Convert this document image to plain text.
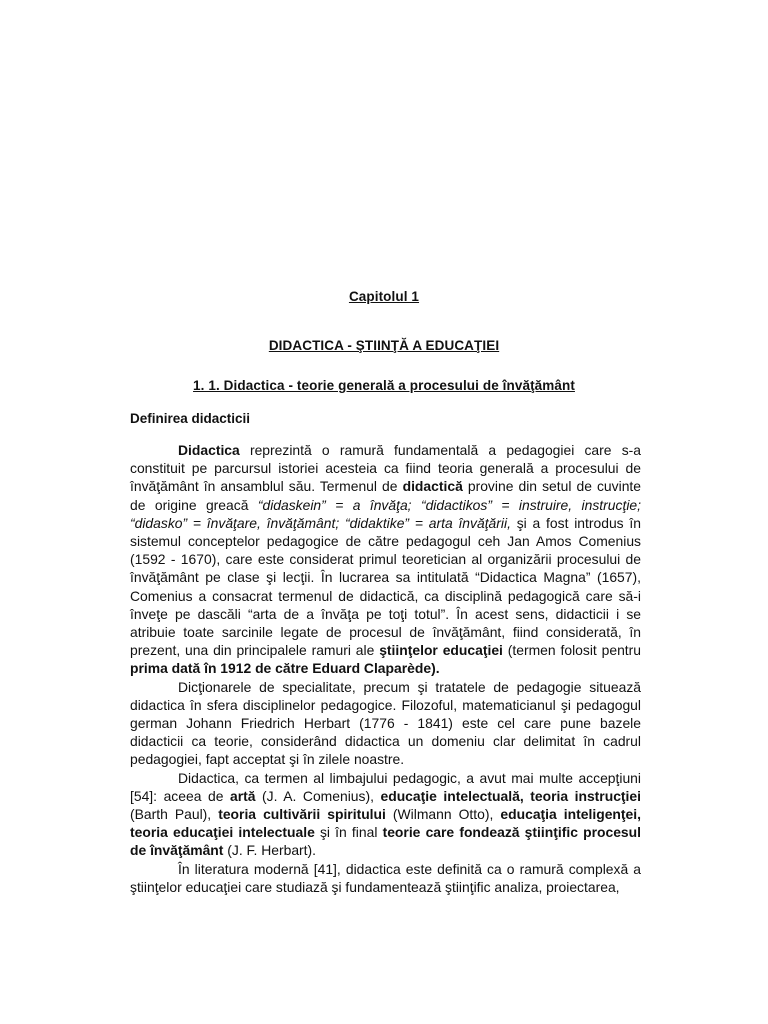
Capitolul 1
DIDACTICA - ŞTIINŢĂ A EDUCAŢIEI
1. 1. Didactica - teorie generală a procesului de învăţământ
Definirea didacticii

Didactica reprezintă o ramură fundamentală a pedagogiei care s-a constituit pe parcursul istoriei acesteia ca fiind teoria generală a procesului de învăţământ în ansamblul său. Termenul de didactică provine din setul de cuvinte de origine greacă “didaskein” = a învăţa; “didactikos” = instruire, instrucţie; “didasko” = învăţare, învăţământ; “didaktike” = arta învăţării, şi a fost introdus în sistemul conceptelor pedagogice de către pedagogul ceh Jan Amos Comenius (1592 - 1670), care este considerat primul teoretician al organizării procesului de învăţământ pe clase şi lecţii. În lucrarea sa intitulată “Didactica Magna” (1657), Comenius a consacrat termenul de didactică, ca disciplină pedagogică care să-i înveţe pe dascăli “arta de a învăţa pe toţi totul”. În acest sens, didacticii i se atribuie toate sarcinile legate de procesul de învăţământ, fiind considerată, în prezent, una din principalele ramuri ale ştiinţelor educaţiei (termen folosit pentru prima dată în 1912 de către Eduard Claparède).

Dicţionarele de specialitate, precum şi tratatele de pedagogie situează didactica în sfera disciplinelor pedagogice. Filozoful, matematicianul şi pedagogul german Johann Friedrich Herbart (1776 - 1841) este cel care pune bazele didacticii ca teorie, considerând didactica un domeniu clar delimitat în cadrul pedagogiei, fapt acceptat şi în zilele noastre.

Didactica, ca termen al limbajului pedagogic, a avut mai multe accepţiuni [54]: aceea de artă (J. A. Comenius), educaţie intelectuală, teoria instrucţiei (Barth Paul), teoria cultivării spiritului (Wilmann Otto), educaţia inteligenţei, teoria educaţiei intelectuale şi în final teorie care fondează ştiinţific procesul de învăţământ (J. F. Herbart).

În literatura modernă [41], didactica este definită ca o ramură complexă a ştiinţelor educaţiei care studiază şi fundamentează ştiinţific analiza, proiectarea,
